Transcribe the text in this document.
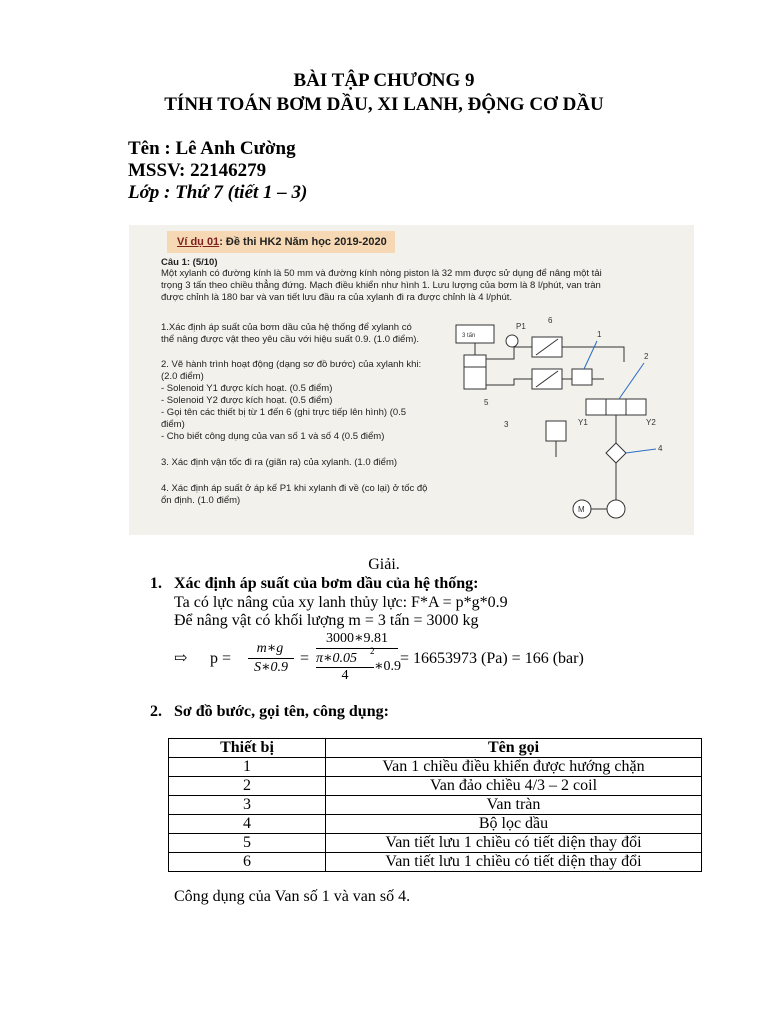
BÀI TẬP CHƯƠNG 9
TÍNH TOÁN BƠM DẦU, XI LANH, ĐỘNG CƠ DẦU
Tên : Lê Anh Cường
MSSV: 22146279
Lớp : Thứ 7 (tiết 1 – 3)
Ví dụ 01: Đề thi HK2 Năm học 2019-2020
Câu 1: (5/10)
Một xylanh có đường kính là 50 mm và đường kính nòng piston là 32 mm được sử dụng để nâng một tải
trọng 3 tấn theo chiều thẳng đứng. Mạch điều khiển như hình 1. Lưu lượng của bơm là 8 l/phút, van tràn
được chỉnh là 180 bar và van tiết lưu đầu ra của xylanh đi ra được chỉnh là 4 l/phút.
1.Xác định áp suất của bơm dầu của hệ thống để xylanh có
thể nâng được vật theo yêu cầu với hiệu suất 0.9. (1.0 điểm).
2. Vẽ hành trình hoạt động (dạng sơ đồ bước) của xylanh khi:
(2.0 điểm)
- Solenoid Y1 được kích hoạt. (0.5 điểm)
- Solenoid Y2 được kích hoạt. (0.5 điểm)
- Gọi tên các thiết bị từ 1 đến 6 (ghi trực tiếp lên hình) (0.5
điểm)
- Cho biết công dụng của van số 1 và số 4 (0.5 điểm)
3. Xác định vận tốc đi ra (giãn ra) của xylanh. (1.0 điểm)
4. Xác định áp suất ở áp kế P1 khi xylanh đi về (co lại) ở tốc độ
ổn định. (1.0 điểm)
3 tấn
P1
6
5
1
Y1	Y2
2
3
4
M
Giải.
1. Xác định áp suất của bơm dầu của hệ thống:
Ta có lực nâng của xy lanh thủy lực: F*A = p*g*0.9
Để nâng vật có khối lượng m = 3 tấn = 3000 kg
⇨ p =
m∗g
S∗0.9
=
3000∗9.81
π∗0.05 2
4
∗0.9
= 16653973 (Pa) = 166 (bar)
2. Sơ đồ bước, gọi tên, công dụng:
Thiết bị	Tên gọi
1	Van 1 chiều điều khiển được hướng chặn
2	Van đảo chiều 4/3 – 2 coil
3	Van tràn
4	Bộ lọc dầu
5	Van tiết lưu 1 chiều có tiết diện thay đổi
6	Van tiết lưu 1 chiều có tiết diện thay đổi
Công dụng của Van số 1 và van số 4.
